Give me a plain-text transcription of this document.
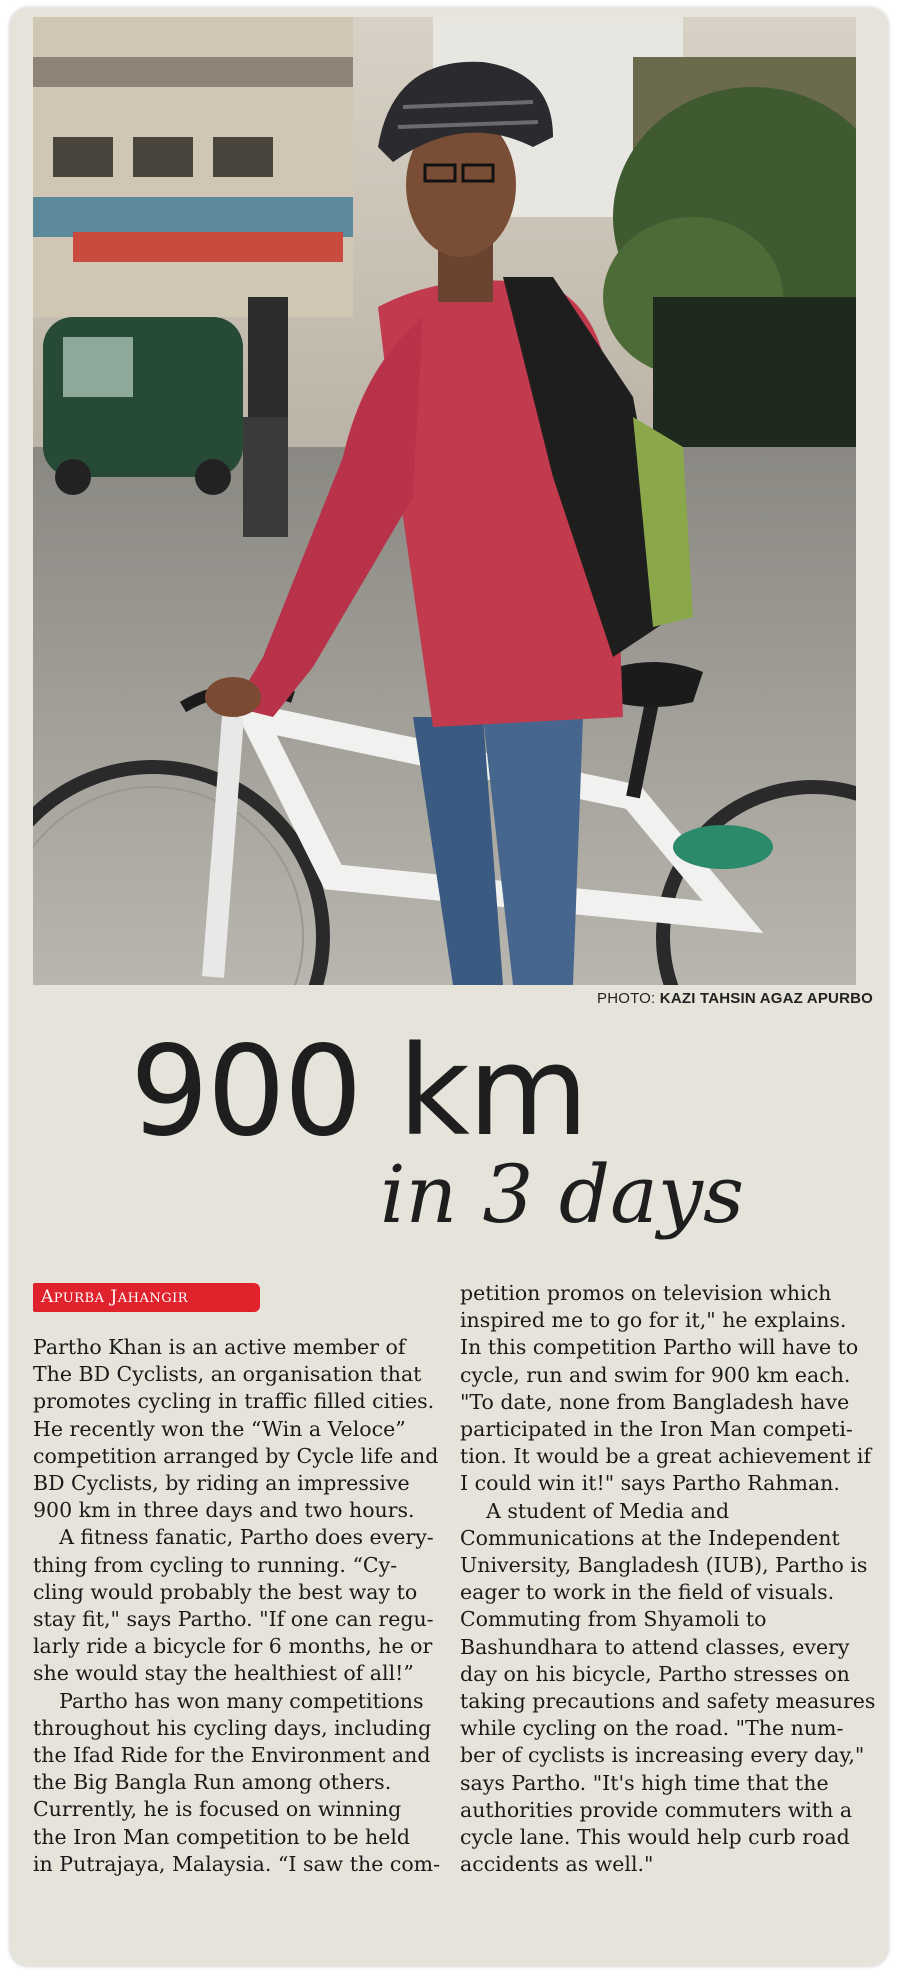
PHOTO: KAZI TAHSIN AGAZ APURBO
900 km
in 3 days
APURBA JAHANGIR

Partho Khan is an active member of

The BD Cyclists, an organisation that

promotes cycling in traffic filled cities.

He recently won the “Win a Veloce”

competition arranged by Cycle life and

BD Cyclists, by riding an impressive

900 km in three days and two hours.

A fitness fanatic, Partho does every-

thing from cycling to running. “Cy-

cling would probably the best way to

stay fit," says Partho. "If one can regu-

larly ride a bicycle for 6 months, he or

she would stay the healthiest of all!”

Partho has won many competitions

throughout his cycling days, including

the Ifad Ride for the Environment and

the Big Bangla Run among others.

Currently, he is focused on winning

the Iron Man competition to be held

in Putrajaya, Malaysia. “I saw the com-

petition promos on television which

inspired me to go for it," he explains.

In this competition Partho will have to

cycle, run and swim for 900 km each.

"To date, none from Bangladesh have

participated in the Iron Man competi-

tion. It would be a great achievement if

I could win it!" says Partho Rahman.

A student of Media and

Communications at the Independent

University, Bangladesh (IUB), Partho is

eager to work in the field of visuals.

Commuting from Shyamoli to

Bashundhara to attend classes, every

day on his bicycle, Partho stresses on

taking precautions and safety measures

while cycling on the road. "The num-

ber of cyclists is increasing every day,"

says Partho. "It's high time that the

authorities provide commuters with a

cycle lane. This would help curb road

accidents as well."
